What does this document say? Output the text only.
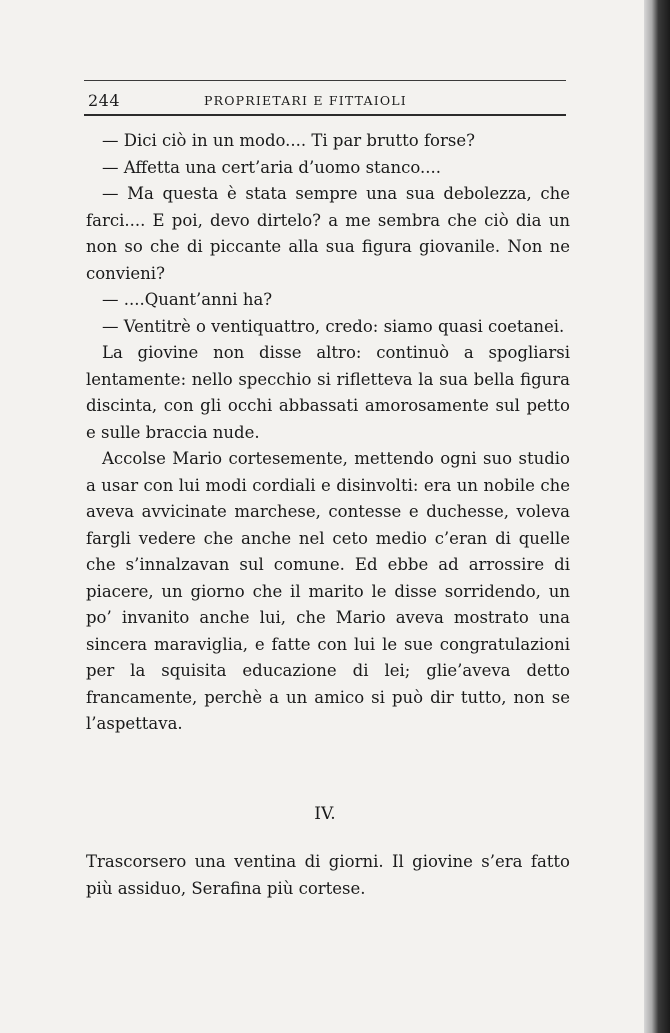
244	PROPRIETARI E FITTAIOLI

— Dici ciò in un modo.... Ti par brutto forse?

— Affetta una cert’aria d’uomo stanco....

— Ma questa è stata sempre una sua debolezza, che farci.... E poi, devo dirtelo? a me sembra che ciò dia un non so che di piccante alla sua figura giovanile. Non ne convieni?

— ....Quant’anni ha?

— Ventitrè o ventiquattro, credo: siamo quasi coetanei.

La giovine non disse altro: continuò a spogliarsi lentamente: nello specchio si rifletteva la sua bella figura discinta, con gli occhi abbassati amorosamente sul petto e sulle braccia nude.

Accolse Mario cortesemente, mettendo ogni suo studio a usar con lui modi cordiali e disinvolti: era un nobile che aveva avvicinate marchese, contesse e duchesse, voleva fargli vedere che anche nel ceto medio c’eran di quelle che s’innalzavan sul comune. Ed ebbe ad arrossire di piacere, un giorno che il marito le disse sorridendo, un po’ invanito anche lui, che Mario aveva mostrato una sincera maraviglia, e fatte con lui le sue congratulazioni per la squisita educazione di lei; glie’aveva detto francamente, perchè a un amico si può dir tutto, non se l’aspettava.

IV.

Trascorsero una ventina di giorni. Il giovine s’era fatto più assiduo, Serafina più cortese.
